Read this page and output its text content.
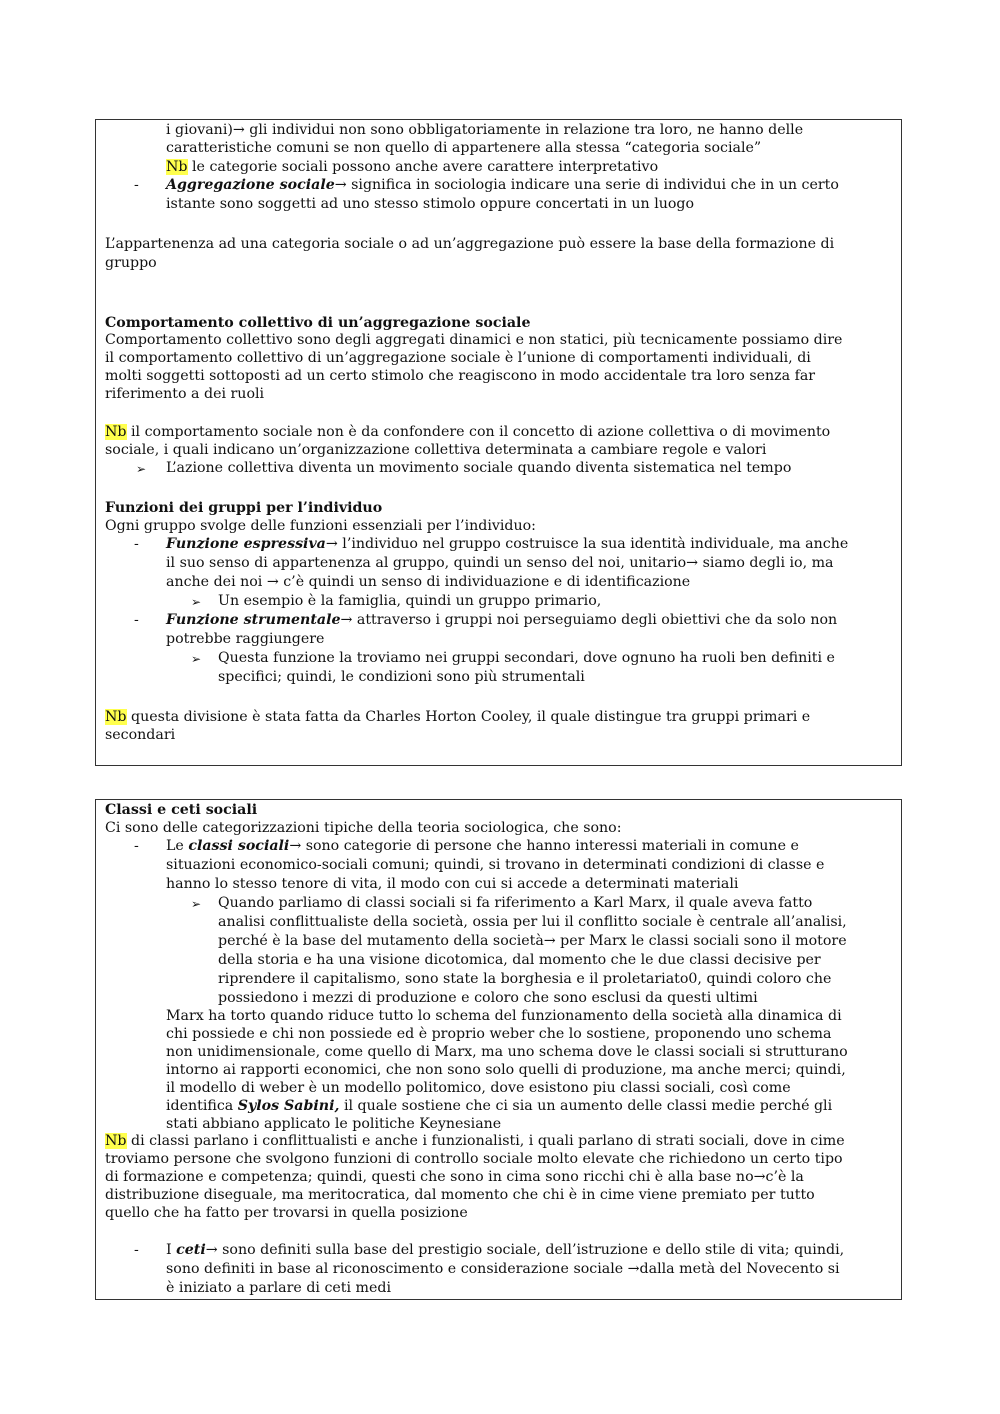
i giovani)→ gli individui non sono obbligatoriamente in relazione tra loro, ne hanno delle
caratteristiche comuni se non quello di appartenere alla stessa “categoria sociale”
Nb le categorie sociali possono anche avere carattere interpretativo
- Aggregazione sociale→ significa in sociologia indicare una serie di individui che in un certo
istante sono soggetti ad uno stesso stimolo oppure concertati in un luogo
L’appartenenza ad una categoria sociale o ad un’aggregazione può essere la base della formazione di
gruppo
Comportamento collettivo di un’aggregazione sociale
Comportamento collettivo sono degli aggregati dinamici e non statici, più tecnicamente possiamo dire
il comportamento collettivo di un’aggregazione sociale è l’unione di comportamenti individuali, di
molti soggetti sottoposti ad un certo stimolo che reagiscono in modo accidentale tra loro senza far
riferimento a dei ruoli
Nb il comportamento sociale non è da confondere con il concetto di azione collettiva o di movimento
sociale, i quali indicano un’organizzazione collettiva determinata a cambiare regole e valori
➢ L’azione collettiva diventa un movimento sociale quando diventa sistematica nel tempo
Funzioni dei gruppi per l’individuo
Ogni gruppo svolge delle funzioni essenziali per l’individuo:
- Funzione espressiva→ l’individuo nel gruppo costruisce la sua identità individuale, ma anche
il suo senso di appartenenza al gruppo, quindi un senso del noi, unitario→ siamo degli io, ma
anche dei noi → c’è quindi un senso di individuazione e di identificazione
➢ Un esempio è la famiglia, quindi un gruppo primario,
- Funzione strumentale→ attraverso i gruppi noi perseguiamo degli obiettivi che da solo non
potrebbe raggiungere
➢ Questa funzione la troviamo nei gruppi secondari, dove ognuno ha ruoli ben definiti e
specifici; quindi, le condizioni sono più strumentali
Nb questa divisione è stata fatta da Charles Horton Cooley, il quale distingue tra gruppi primari e
secondari
Classi e ceti sociali
Ci sono delle categorizzazioni tipiche della teoria sociologica, che sono:
- Le classi sociali→ sono categorie di persone che hanno interessi materiali in comune e
situazioni economico-sociali comuni; quindi, si trovano in determinati condizioni di classe e
hanno lo stesso tenore di vita, il modo con cui si accede a determinati materiali
➢ Quando parliamo di classi sociali si fa riferimento a Karl Marx, il quale aveva fatto
analisi conflittualiste della società, ossia per lui il conflitto sociale è centrale all’analisi,
perché è la base del mutamento della società→ per Marx le classi sociali sono il motore
della storia e ha una visione dicotomica, dal momento che le due classi decisive per
riprendere il capitalismo, sono state la borghesia e il proletariato0, quindi coloro che
possiedono i mezzi di produzione e coloro che sono esclusi da questi ultimi
Marx ha torto quando riduce tutto lo schema del funzionamento della società alla dinamica di
chi possiede e chi non possiede ed è proprio weber che lo sostiene, proponendo uno schema
non unidimensionale, come quello di Marx, ma uno schema dove le classi sociali si strutturano
intorno ai rapporti economici, che non sono solo quelli di produzione, ma anche merci; quindi,
il modello di weber è un modello politomico, dove esistono piu classi sociali, così come
identifica Sylos Sabini, il quale sostiene che ci sia un aumento delle classi medie perché gli
stati abbiano applicato le politiche Keynesiane
Nb di classi parlano i conflittualisti e anche i funzionalisti, i quali parlano di strati sociali, dove in cime
troviamo persone che svolgono funzioni di controllo sociale molto elevate che richiedono un certo tipo
di formazione e competenza; quindi, questi che sono in cima sono ricchi chi è alla base no→c’è la
distribuzione diseguale, ma meritocratica, dal momento che chi è in cime viene premiato per tutto
quello che ha fatto per trovarsi in quella posizione
- I ceti→ sono definiti sulla base del prestigio sociale, dell’istruzione e dello stile di vita; quindi,
sono definiti in base al riconoscimento e considerazione sociale →dalla metà del Novecento si
è iniziato a parlare di ceti medi
